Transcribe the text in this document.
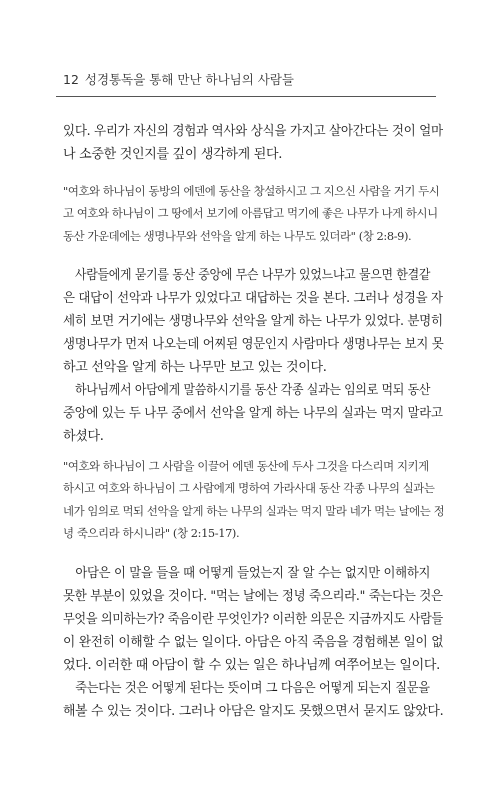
12 성경통독을 통해 만난 하나님의 사람들
있다. 우리가 자신의 경험과 역사와 상식을 가지고 살아간다는 것이 얼마
나 소중한 것인지를 깊이 생각하게 된다.
"여호와 하나님이 동방의 에덴에 동산을 창설하시고 그 지으신 사람을 거기 두시
고 여호와 하나님이 그 땅에서 보기에 아름답고 먹기에 좋은 나무가 나게 하시니
동산 가운데에는 생명나무와 선악을 알게 하는 나무도 있더라" (창 2:8-9).
사람들에게 묻기를 동산 중앙에 무슨 나무가 있었느냐고 물으면 한결같
은 대답이 선악과 나무가 있었다고 대답하는 것을 본다. 그러나 성경을 자
세히 보면 거기에는 생명나무와 선악을 알게 하는 나무가 있었다. 분명히
생명나무가 먼저 나오는데 어찌된 영문인지 사람마다 생명나무는 보지 못
하고 선악을 알게 하는 나무만 보고 있는 것이다.
하나님께서 아담에게 말씀하시기를 동산 각종 실과는 임의로 먹되 동산
중앙에 있는 두 나무 중에서 선악을 알게 하는 나무의 실과는 먹지 말라고
하셨다.
"여호와 하나님이 그 사람을 이끌어 에덴 동산에 두사 그것을 다스리며 지키게
하시고 여호와 하나님이 그 사람에게 명하여 가라사대 동산 각종 나무의 실과는
네가 임의로 먹되 선악을 알게 하는 나무의 실과는 먹지 말라 네가 먹는 날에는 정
녕 죽으리라 하시니라" (창 2:15-17).
아담은 이 말을 들을 때 어떻게 들었는지 잘 알 수는 없지만 이해하지
못한 부분이 있었을 것이다. "먹는 날에는 정녕 죽으리라." 죽는다는 것은
무엇을 의미하는가? 죽음이란 무엇인가? 이러한 의문은 지금까지도 사람들
이 완전히 이해할 수 없는 일이다. 아담은 아직 죽음을 경험해본 일이 없
었다. 이러한 때 아담이 할 수 있는 일은 하나님께 여쭈어보는 일이다.
죽는다는 것은 어떻게 된다는 뜻이며 그 다음은 어떻게 되는지 질문을
해볼 수 있는 것이다. 그러나 아담은 알지도 못했으면서 묻지도 않았다.
